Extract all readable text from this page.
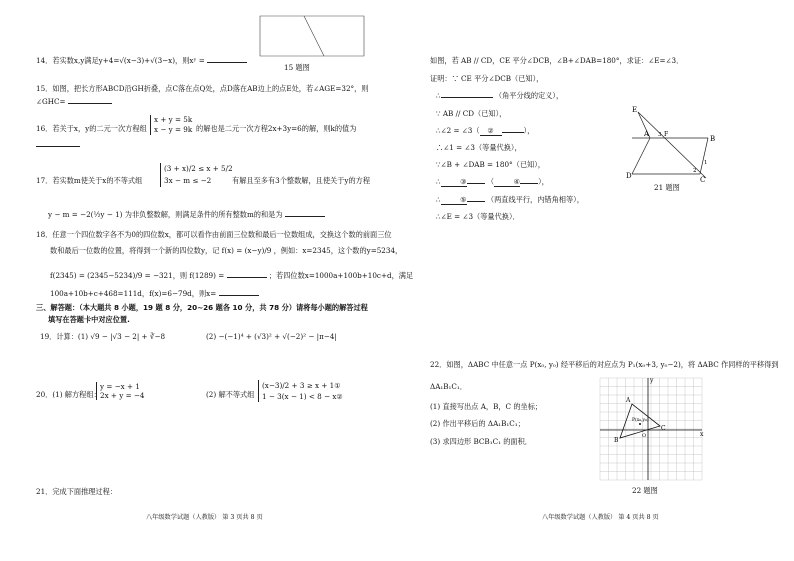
14．若实数x,y满足y+4=√(x−3)+√(3−x)，则xʸ =
15 题图
15．如图，把长方形ABCD沿GH折叠，点C落在点Q处，点D落在AB边上的点E处，若∠AGE=32°，则
∠GHC=
16．若关于x，y的二元一次方程组
x + y = 5k
x − y = 9k 的解也是二元一次方程2x+3y=6的解，则k的值为
17．若实数m使关于x的不等式组
(3 + x)/2 ≤ x + 5/2
3x − m ≤ −2	有解且至多有3个整数解，且使关于y的方程
y − m = −2(½y − 1) 为非负整数解，则满足条件的所有整数m的和是为
18．任意一个四位数字各不为0的四位数x，都可以看作由前面三位数和最后一位数组成，交换这个数的前面三位
数和最后一位数的位置，将得到一个新的四位数y，记 f(x) = (x−y)/9 ，例如：x=2345，这个数的y=5234，
f(2345) = (2345−5234)/9 = −321，则 f(1289) =	；若四位数x=1000a+100b+10c+d，满足
100a+10b+c+468=111d，f(x)=6−79d，则x=
三、解答题：（本大题共 8 小题，19 题 8 分，20~26 题各 10 分，共 78 分）请将每小题的解答过程
填写在答题卡中对应位置.
19．计算：(1) √9 − |√3 − 2| + ∛−8	(2) −(−1)⁴ + (√3)² + √(−2)² − |π−4|
20．(1) 解方程组：
y = −x + 1
2x + y = −4	(2) 解不等式组
(x−3)/2 + 3 ≥ x + 1①
1 − 3(x − 1) < 8 − x②
21．完成下面推理过程：
八年级数学试题（人教版） 第 3 页共 8 页
如图，若 AB // CD，CE 平分∠DCB，∠B+∠DAB=180°，求证：∠E=∠3．
证明：∵ CE 平分∠DCB（已知），
∴	（角平分线的定义），
∵ AB // CD（已知），
∴∠2 = ∠3（ ②	），
∴∠1 = ∠3（等量代换），
∵∠B + ∠DAB = 180°（已知），
∴	③	（	④	），
∴	⑤	（两直线平行，内错角相等），
∴∠E = ∠3（等量代换）．
E
A
B
D	C
F
3
1
2
21 题图
22．如图，ΔABC 中任意一点 P(x₀, y₀) 经平移后的对应点为 P₁(x₀+3, y₀−2)，将 ΔABC 作同样的平移得到
ΔA₁B₁C₁．
(1) 直接写出点 A，B，C 的坐标；
(2) 作出平移后的 ΔA₁B₁C₁；
(3) 求四边形 BCB₁C₁ 的面积．
y
x
A
B
C
P(x₀,y₀)
O
22 题图
八年级数学试题（人教版） 第 4 页共 8 页
